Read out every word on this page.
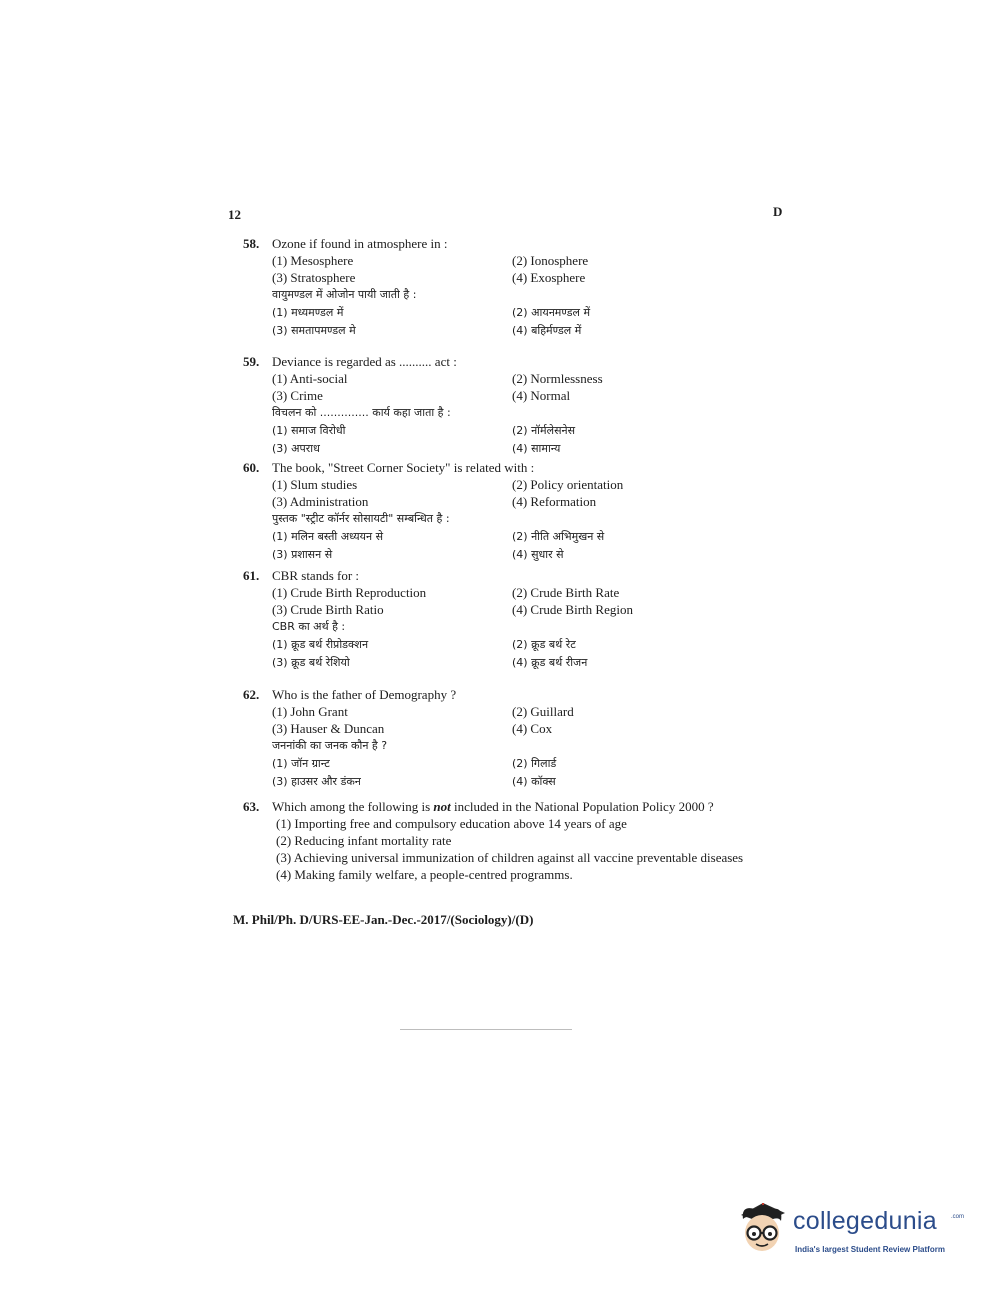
12	D
58. Ozone if found in atmosphere in :
(1) Mesosphere	(2) Ionosphere
(3) Stratosphere	(4) Exosphere
वायुमण्डल में ओजोन पायी जाती है :
(1) मध्यमण्डल में	(2) आयनमण्डल में
(3) समतापमण्डल मे	(4) बहिर्मण्डल में
59. Deviance is regarded as .......... act :
(1) Anti-social	(2) Normlessness
(3) Crime	(4) Normal
विचलन को .............. कार्य कहा जाता है :
(1) समाज विरोधी	(2) नॉर्मलेसनेस
(3) अपराध	(4) सामान्य
60. The book, "Street Corner Society" is related with :
(1) Slum studies	(2) Policy orientation
(3) Administration	(4) Reformation
पुस्तक "स्ट्रीट कॉर्नर सोसायटी" सम्बन्धित है :
(1) मलिन बस्ती अध्ययन से	(2) नीति अभिमुखन से
(3) प्रशासन से	(4) सुधार से
61. CBR stands for :
(1) Crude Birth Reproduction	(2) Crude Birth Rate
(3) Crude Birth Ratio	(4) Crude Birth Region
CBR का अर्थ है :
(1) क्रूड बर्थ रीप्रोडक्शन	(2) क्रूड बर्थ रेट
(3) क्रूड बर्थ रेशियो	(4) क्रूड बर्थ रीजन
62. Who is the father of Demography ?
(1) John Grant	(2) Guillard
(3) Hauser & Duncan	(4) Cox
जननांकी का जनक कौन है ?
(1) जॉन ग्रान्ट	(2) गिलार्ड
(3) हाउसर और डंकन	(4) कॉक्स
63. Which among the following is not included in the National Population Policy 2000 ?
(1) Importing free and compulsory education above 14 years of age
(2) Reducing infant mortality rate
(3) Achieving universal immunization of children against all vaccine preventable diseases
(4) Making family welfare, a people-centred programms.
M. Phil/Ph. D/URS-EE-Jan.-Dec.-2017/(Sociology)/(D)
collegedunia .com
India's largest Student Review Platform
